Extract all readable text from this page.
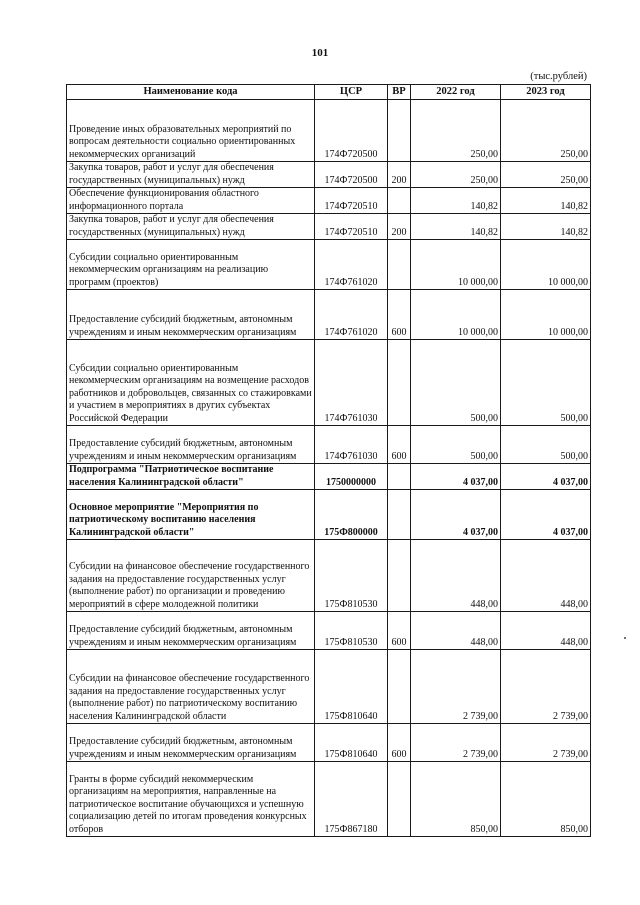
101
(тыс.рублей)
Наименование кода	ЦСР	ВР	2022 год	2023 год
Проведение иных образовательных мероприятий по вопросам деятельности социально ориентированных некоммерческих организаций	174Ф720500		250,00	250,00
Закупка товаров, работ и услуг для обеспечения государственных (муниципальных) нужд	174Ф720500	200	250,00	250,00
Обеспечение функционирования областного информационного портала	174Ф720510		140,82	140,82
Закупка товаров, работ и услуг для обеспечения государственных (муниципальных) нужд	174Ф720510	200	140,82	140,82
Субсидии социально ориентированным некоммерческим организациям на реализацию программ (проектов)	174Ф761020		10 000,00	10 000,00
Предоставление субсидий бюджетным, автономным учреждениям и иным некоммерческим организациям	174Ф761020	600	10 000,00	10 000,00
Субсидии социально ориентированным некоммерческим организациям на возмещение расходов работников и добровольцев, связанных со стажировками и участием в мероприятиях в других субъектах Российской Федерации	174Ф761030		500,00	500,00
Предоставление субсидий бюджетным, автономным учреждениям и иным некоммерческим организациям	174Ф761030	600	500,00	500,00
Подпрограмма "Патриотическое воспитание населения Калининградской области"	1750000000		4 037,00	4 037,00
Основное мероприятие "Мероприятия по патриотическому воспитанию населения Калининградской области"	175Ф800000		4 037,00	4 037,00
Субсидии на финансовое обеспечение государственного задания на предоставление государственных услуг (выполнение работ) по организации и проведению мероприятий в сфере молодежной политики	175Ф810530		448,00	448,00
Предоставление субсидий бюджетным, автономным учреждениям и иным некоммерческим организациям	175Ф810530	600	448,00	448,00
Субсидии на финансовое обеспечение государственного задания на предоставление государственных услуг (выполнение работ) по патриотическому воспитанию населения Калининградской области	175Ф810640		2 739,00	2 739,00
Предоставление субсидий бюджетным, автономным учреждениям и иным некоммерческим организациям	175Ф810640	600	2 739,00	2 739,00
Гранты в форме субсидий некоммерческим организациям на мероприятия, направленные на патриотическое воспитание обучающихся и успешную социализацию детей по итогам проведения конкурсных отборов	175Ф867180		850,00	850,00
